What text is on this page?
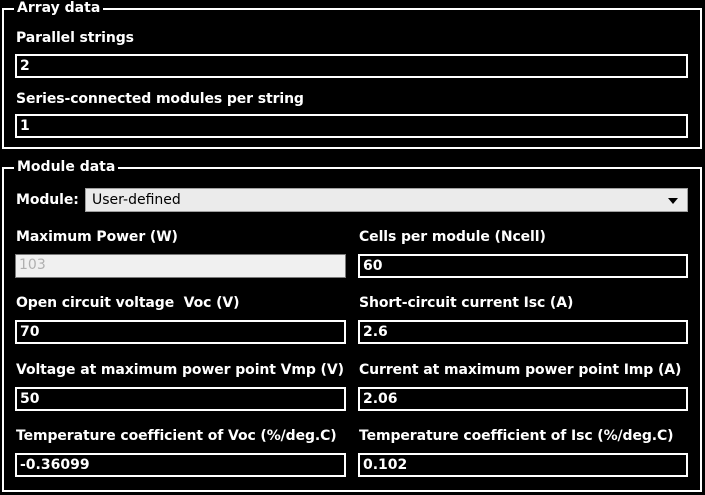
Array data
Parallel strings
2
Series-connected modules per string
1
Module data
Module: User-defined
Maximum Power (W)
103
Cells per module (Ncell)
60
Open circuit voltage  Voc (V)
70
Short-circuit current Isc (A)
2.6
Voltage at maximum power point Vmp (V)
50
Current at maximum power point Imp (A)
2.06
Temperature coefficient of Voc (%/deg.C)
-0.36099
Temperature coefficient of Isc (%/deg.C)
0.102
